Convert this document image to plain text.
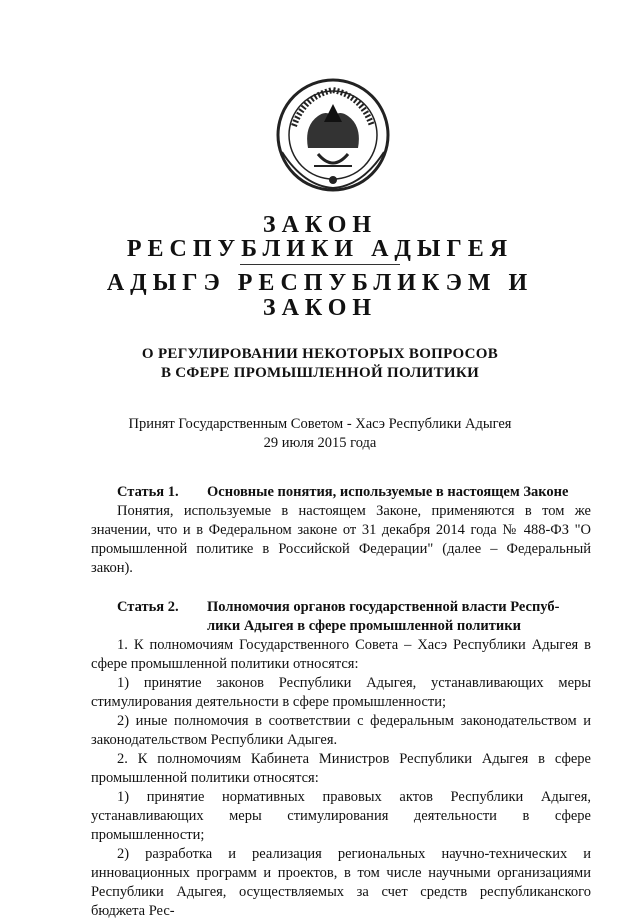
ЗАКОН
РЕСПУБЛИКИ АДЫГЕЯ
АДЫГЭ РЕСПУБЛИКЭМ И
ЗАКОН
О РЕГУЛИРОВАНИИ НЕКОТОРЫХ ВОПРОСОВ
В СФЕРЕ ПРОМЫШЛЕННОЙ ПОЛИТИКИ
Принят Государственным Советом - Хасэ Республики Адыгея
29 июля 2015 года
Статья 1.	Основные понятия, используемые в настоящем Законе

Понятия, используемые в настоящем Законе, применяются в том же значении, что и в Федеральном законе от 31 декабря 2014 года № 488-ФЗ "О промышленной политике в Российской Федерации" (далее – Федеральный закон).

Статья 2.	Полномочия органов государственной власти Респуб-
лики Адыгея в сфере промышленной политики

1. К полномочиям Государственного Совета – Хасэ Республики Адыгея в сфере промышленной политики относятся:

1) принятие законов Республики Адыгея, устанавливающих меры стимулирования деятельности в сфере промышленности;

2) иные полномочия в соответствии с федеральным законодательством и законодательством Республики Адыгея.

2. К полномочиям Кабинета Министров Республики Адыгея в сфере промышленной политики относятся:

1) принятие нормативных правовых актов Республики Адыгея, устанавливающих меры стимулирования деятельности в сфере промышленности;

2) разработка и реализация региональных научно-технических и инновационных программ и проектов, в том числе научными организациями Республики Адыгея, осуществляемых за счет средств республиканского бюджета Рес-
